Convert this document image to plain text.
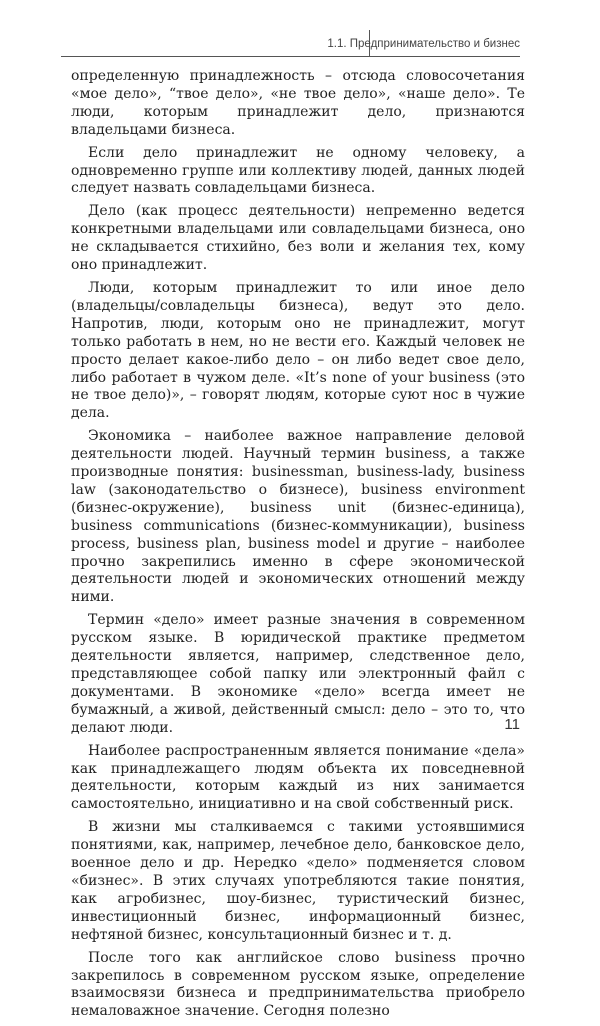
1.1. Предпринимательство и бизнес

определенную принадлежность – отсюда словосочетания «мое дело», “твое дело», «не твое дело», «наше дело». Те люди, которым принадлежит дело, признаются владельцами бизнеса.

Если дело принадлежит не одному человеку, а одновременно группе или коллективу людей, данных людей следует назвать совладельцами бизнеса.

Дело (как процесс деятельности) непременно ведется конкретными владельцами или совладельцами бизнеса, оно не складывается стихийно, без воли и желания тех, кому оно принадлежит.

Люди, которым принадлежит то или иное дело (владельцы/совладельцы бизнеса), ведут это дело. Напротив, люди, которым оно не принадлежит, могут только работать в нем, но не вести его. Каждый человек не просто делает какое-либо дело – он либо ведет свое дело, либо работает в чужом деле. «It’s none of your business (это не твое дело)», – говорят людям, которые суют нос в чужие дела.

Экономика – наиболее важное направление деловой деятельности людей. Научный термин business, а также производные понятия: businessman, business-lady, business law (законодательство о бизнесе), business environment (бизнес-окружение), business unit (бизнес-единица), business communications (бизнес-коммуникации), business process, business plan, business model и другие – наиболее прочно закрепились именно в сфере экономической деятельности людей и экономических отношений между ними.

Термин «дело» имеет разные значения в современном русском языке. В юридической практике предметом деятельности является, например, следственное дело, представляющее собой папку или электронный файл с документами. В экономике «дело» всегда имеет не бумажный, а живой, действенный смысл: дело – это то, что делают люди.

Наиболее распространенным является понимание «дела» как принадлежащего людям объекта их повседневной деятельности, которым каждый из них занимается самостоятельно, инициативно и на свой собственный риск.

В жизни мы сталкиваемся с такими устоявшимися понятиями, как, например, лечебное дело, банковское дело, военное дело и др. Нередко «дело» подменяется словом «бизнес». В этих случаях употребляются такие понятия, как агробизнес, шоу-бизнес, туристический бизнес, инвестиционный бизнес, информационный бизнес, нефтяной бизнес, консультационный бизнес и т. д.

После того как английское слово business прочно закрепилось в современном русском языке, определение взаимосвязи бизнеса и предпринимательства приобрело немаловажное значение. Сегодня полезно

11
